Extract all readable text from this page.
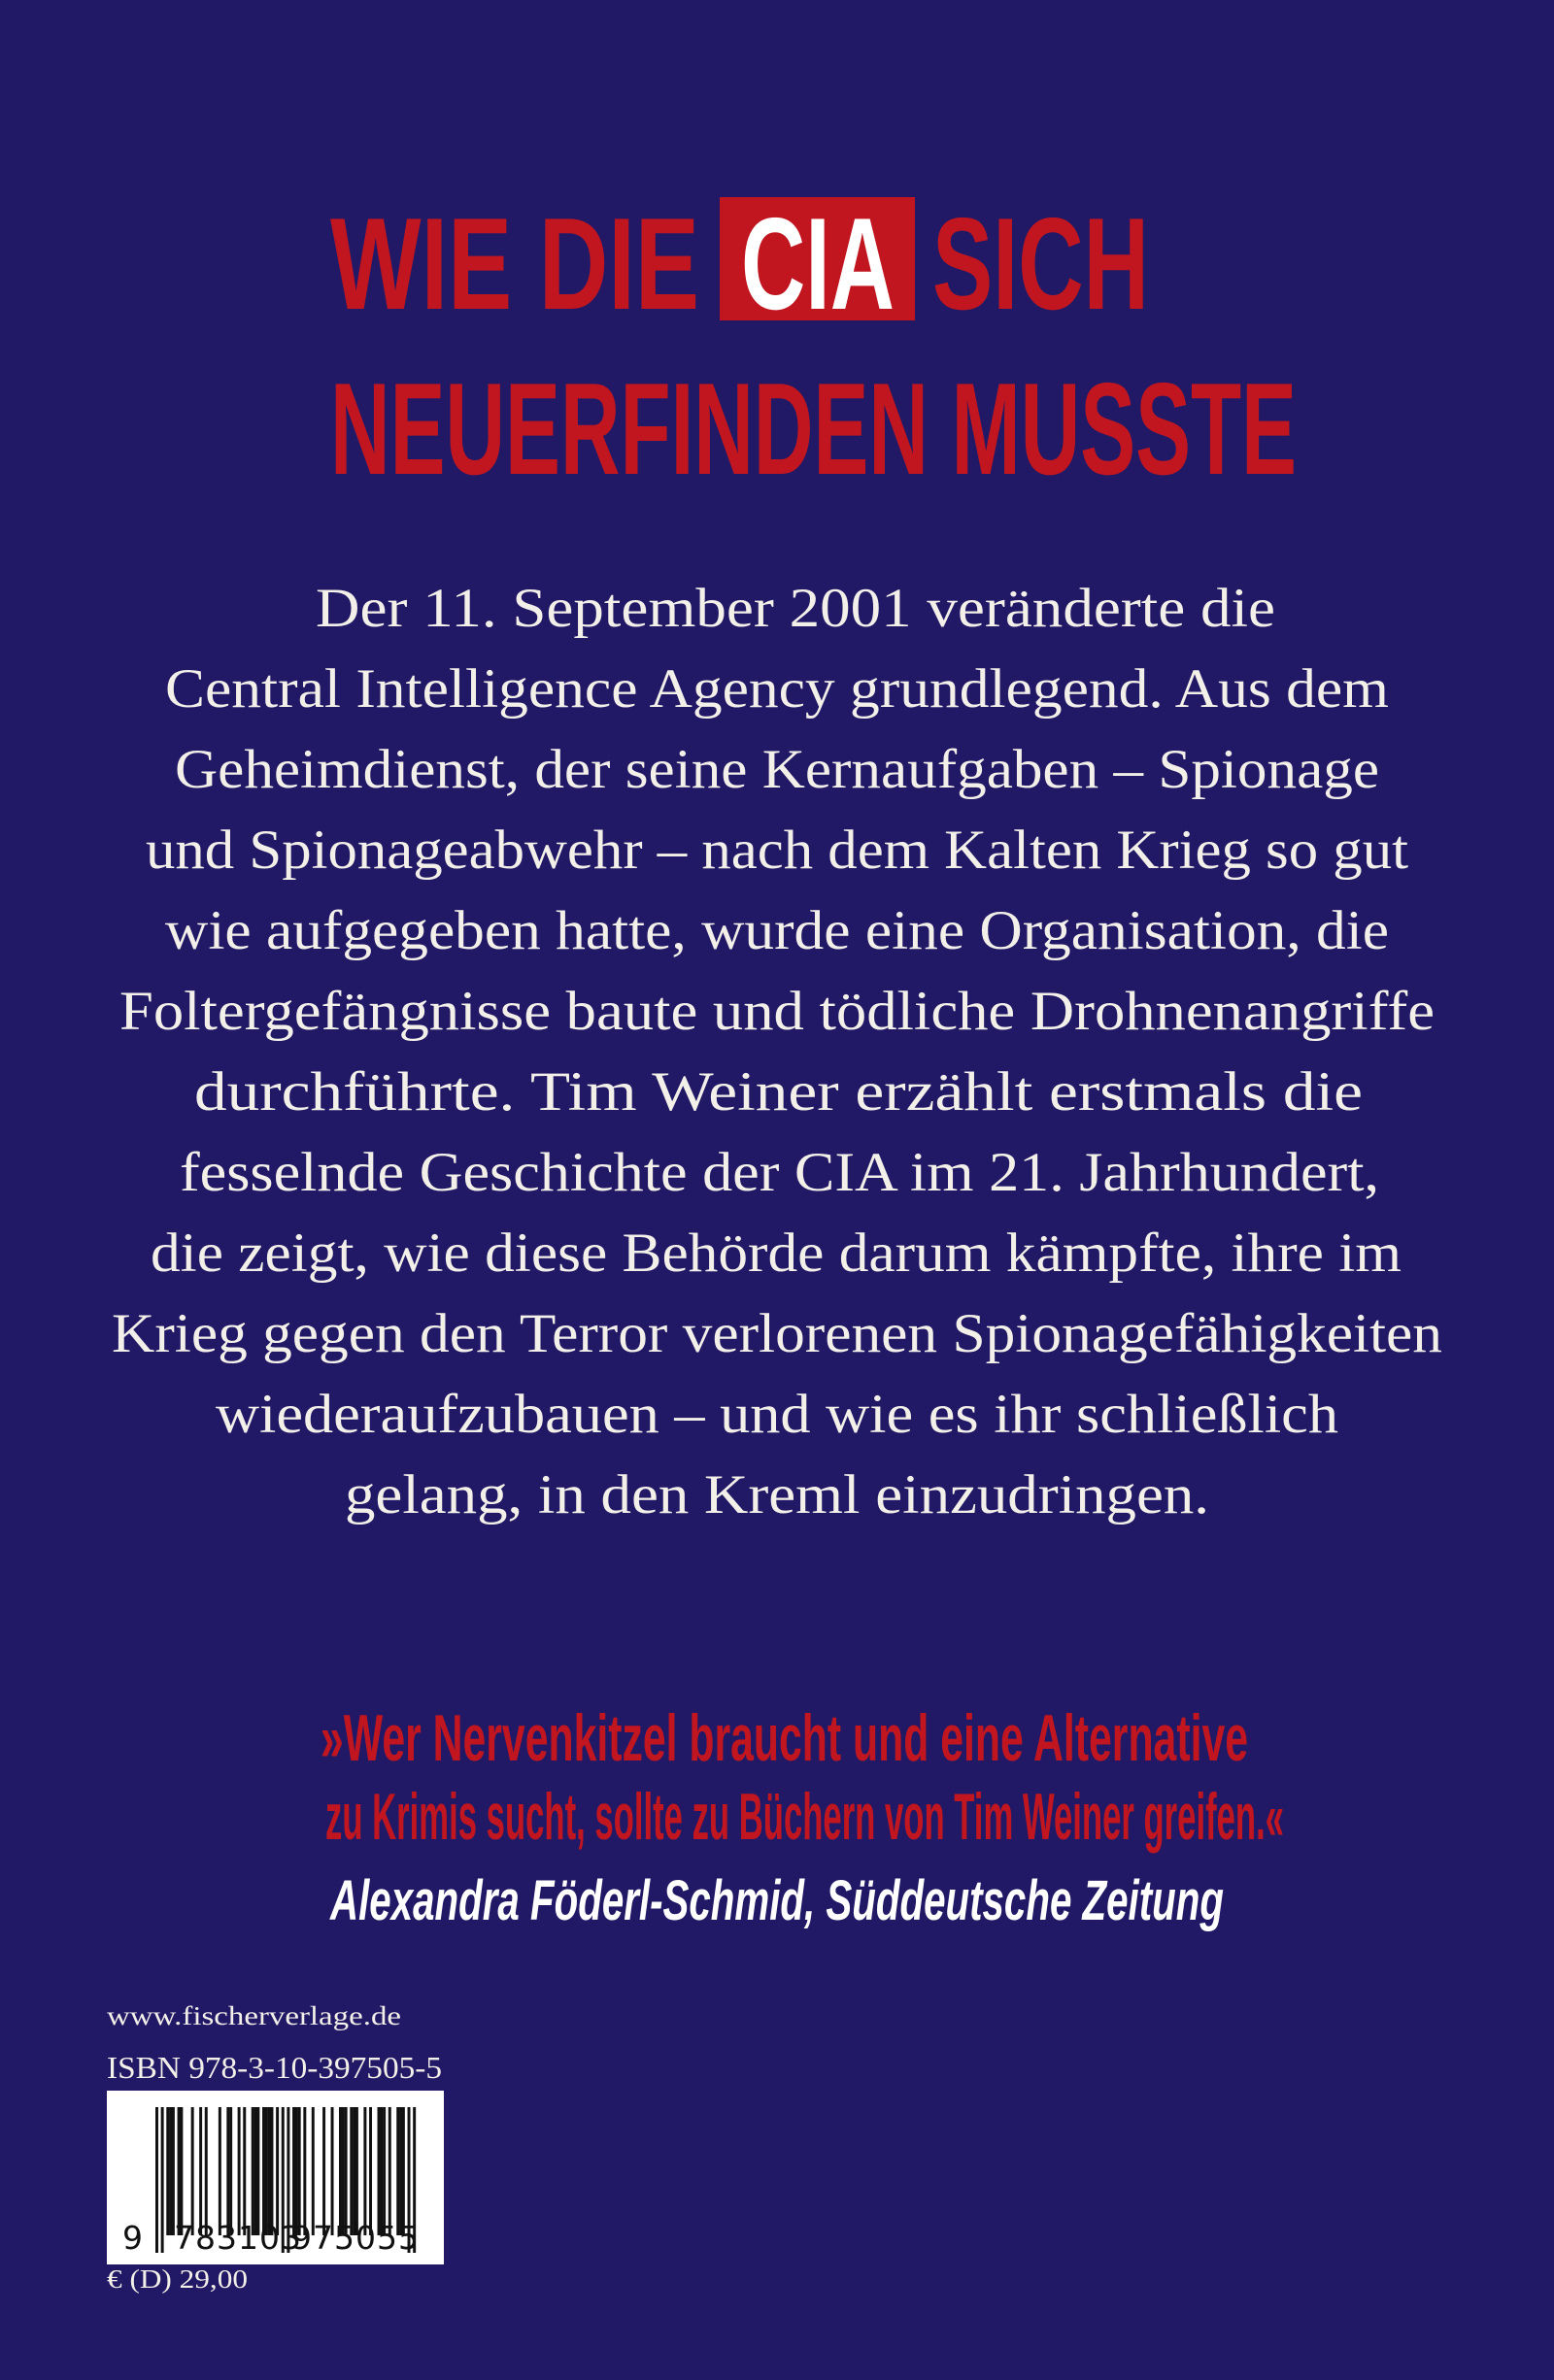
WIE DIE CIA SICH
NEUERFINDEN MUSSTE
Der 11. September 2001 veränderte die
Central Intelligence Agency grundlegend. Aus dem
Geheimdienst, der seine Kernaufgaben – Spionage
und Spionageabwehr – nach dem Kalten Krieg so gut
wie aufgegeben hatte, wurde eine Organisation, die
Foltergefängnisse baute und tödliche Drohnenangriffe
durchführte. Tim Weiner erzählt erstmals die
fesselnde Geschichte der CIA im 21. Jahrhundert,
die zeigt, wie diese Behörde darum kämpfte, ihre im
Krieg gegen den Terror verlorenen Spionagefähigkeiten
wiederaufzubauen – und wie es ihr schließlich
gelang, in den Kreml einzudringen.
»Wer Nervenkitzel braucht und eine Alternative
zu Krimis sucht, sollte zu Büchern von Tim Weiner greifen.«
Alexandra Föderl-Schmid, Süddeutsche Zeitung
www.fischerverlage.de
ISBN 978-3-10-397505-5
9 783103
975055
€ (D) 29,00
